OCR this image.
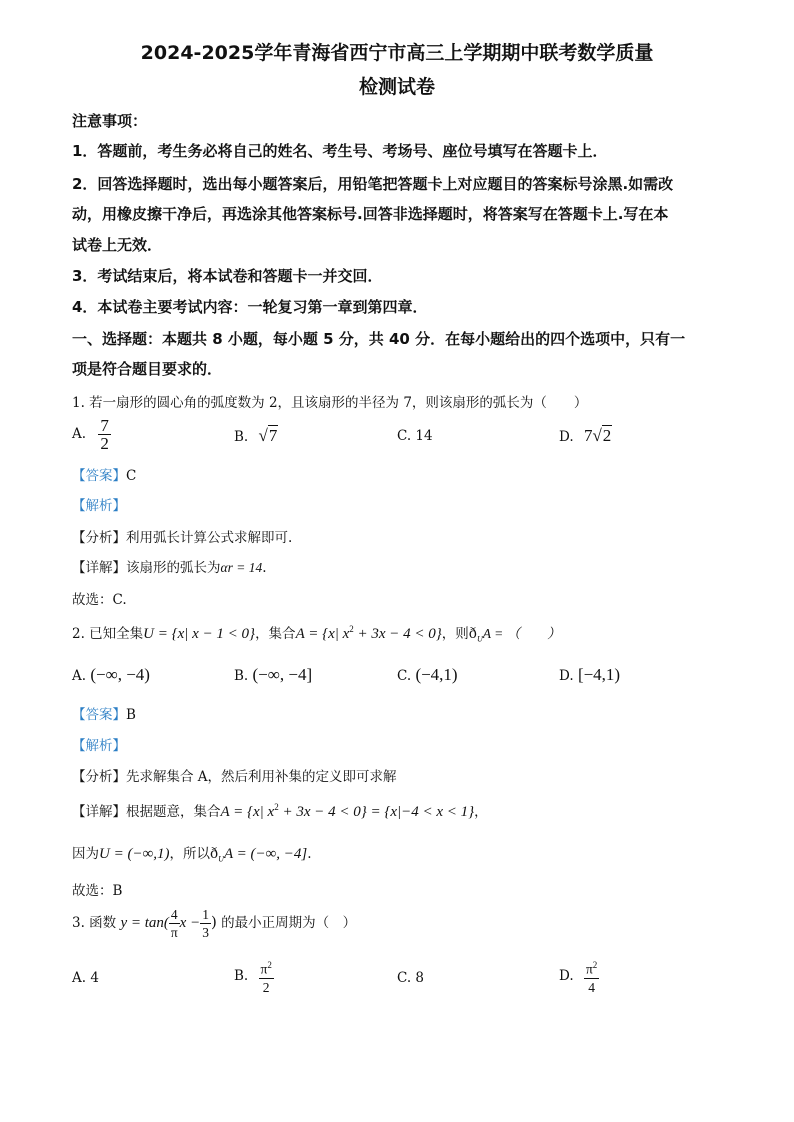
2024-2025学年青海省西宁市高三上学期期中联考数学质量
检测试卷
注意事项：
1．答题前，考生务必将自己的姓名、考生号、考场号、座位号填写在答题卡上．
2．回答选择题时，选出每小题答案后，用铅笔把答题卡上对应题目的答案标号涂黑.如需改
动，用橡皮擦干净后，再选涂其他答案标号.回答非选择题时，将答案写在答题卡上.写在本
试卷上无效．
3．考试结束后，将本试卷和答题卡一并交回．
4．本试卷主要考试内容：一轮复习第一章到第四章．
一、选择题：本题共 8 小题，每小题 5 分，共 40 分．在每小题给出的四个选项中，只有一
项是符合题目要求的．
1. 若一扇形的圆心角的弧度数为 2，且该扇形的半径为 7，则该扇形的弧长为（　　）
A. $\frac{7}{2}$	B. √7	C. 14	D. 7√2
【答案】C
【解析】
【分析】利用弧长计算公式求解即可.
【详解】该扇形的弧长为αr = 14.
故选：C.
2. 已知全集U = {x| x − 1 < 0}，集合A = {x| $x^2 + 3x - 4 < 0$}，则$ð_UA$ = （　　）
A. (−∞, −4)	B. (−∞, −4]	C. (−4,1)	D. [−4,1)
【答案】B
【解析】
【分析】先求解集合 A，然后利用补集的定义即可求解
【详解】根据题意，集合A = {x| $x^2 + 3x - 4 < 0\} = \{x|-4 < x < 1\}$，
因为U = (−∞,1)，所以$ð_UA$ = (−∞, −4].
故选：B
3. 函数 $y = \tan( \frac{4}{\pi}$ $x - \frac{1}{3}$ ) 的最小正周期为（　）
A. 4	B. $\frac{\pi^2}{2}$	C. 8	D. $\frac{\pi^2}{4}$
